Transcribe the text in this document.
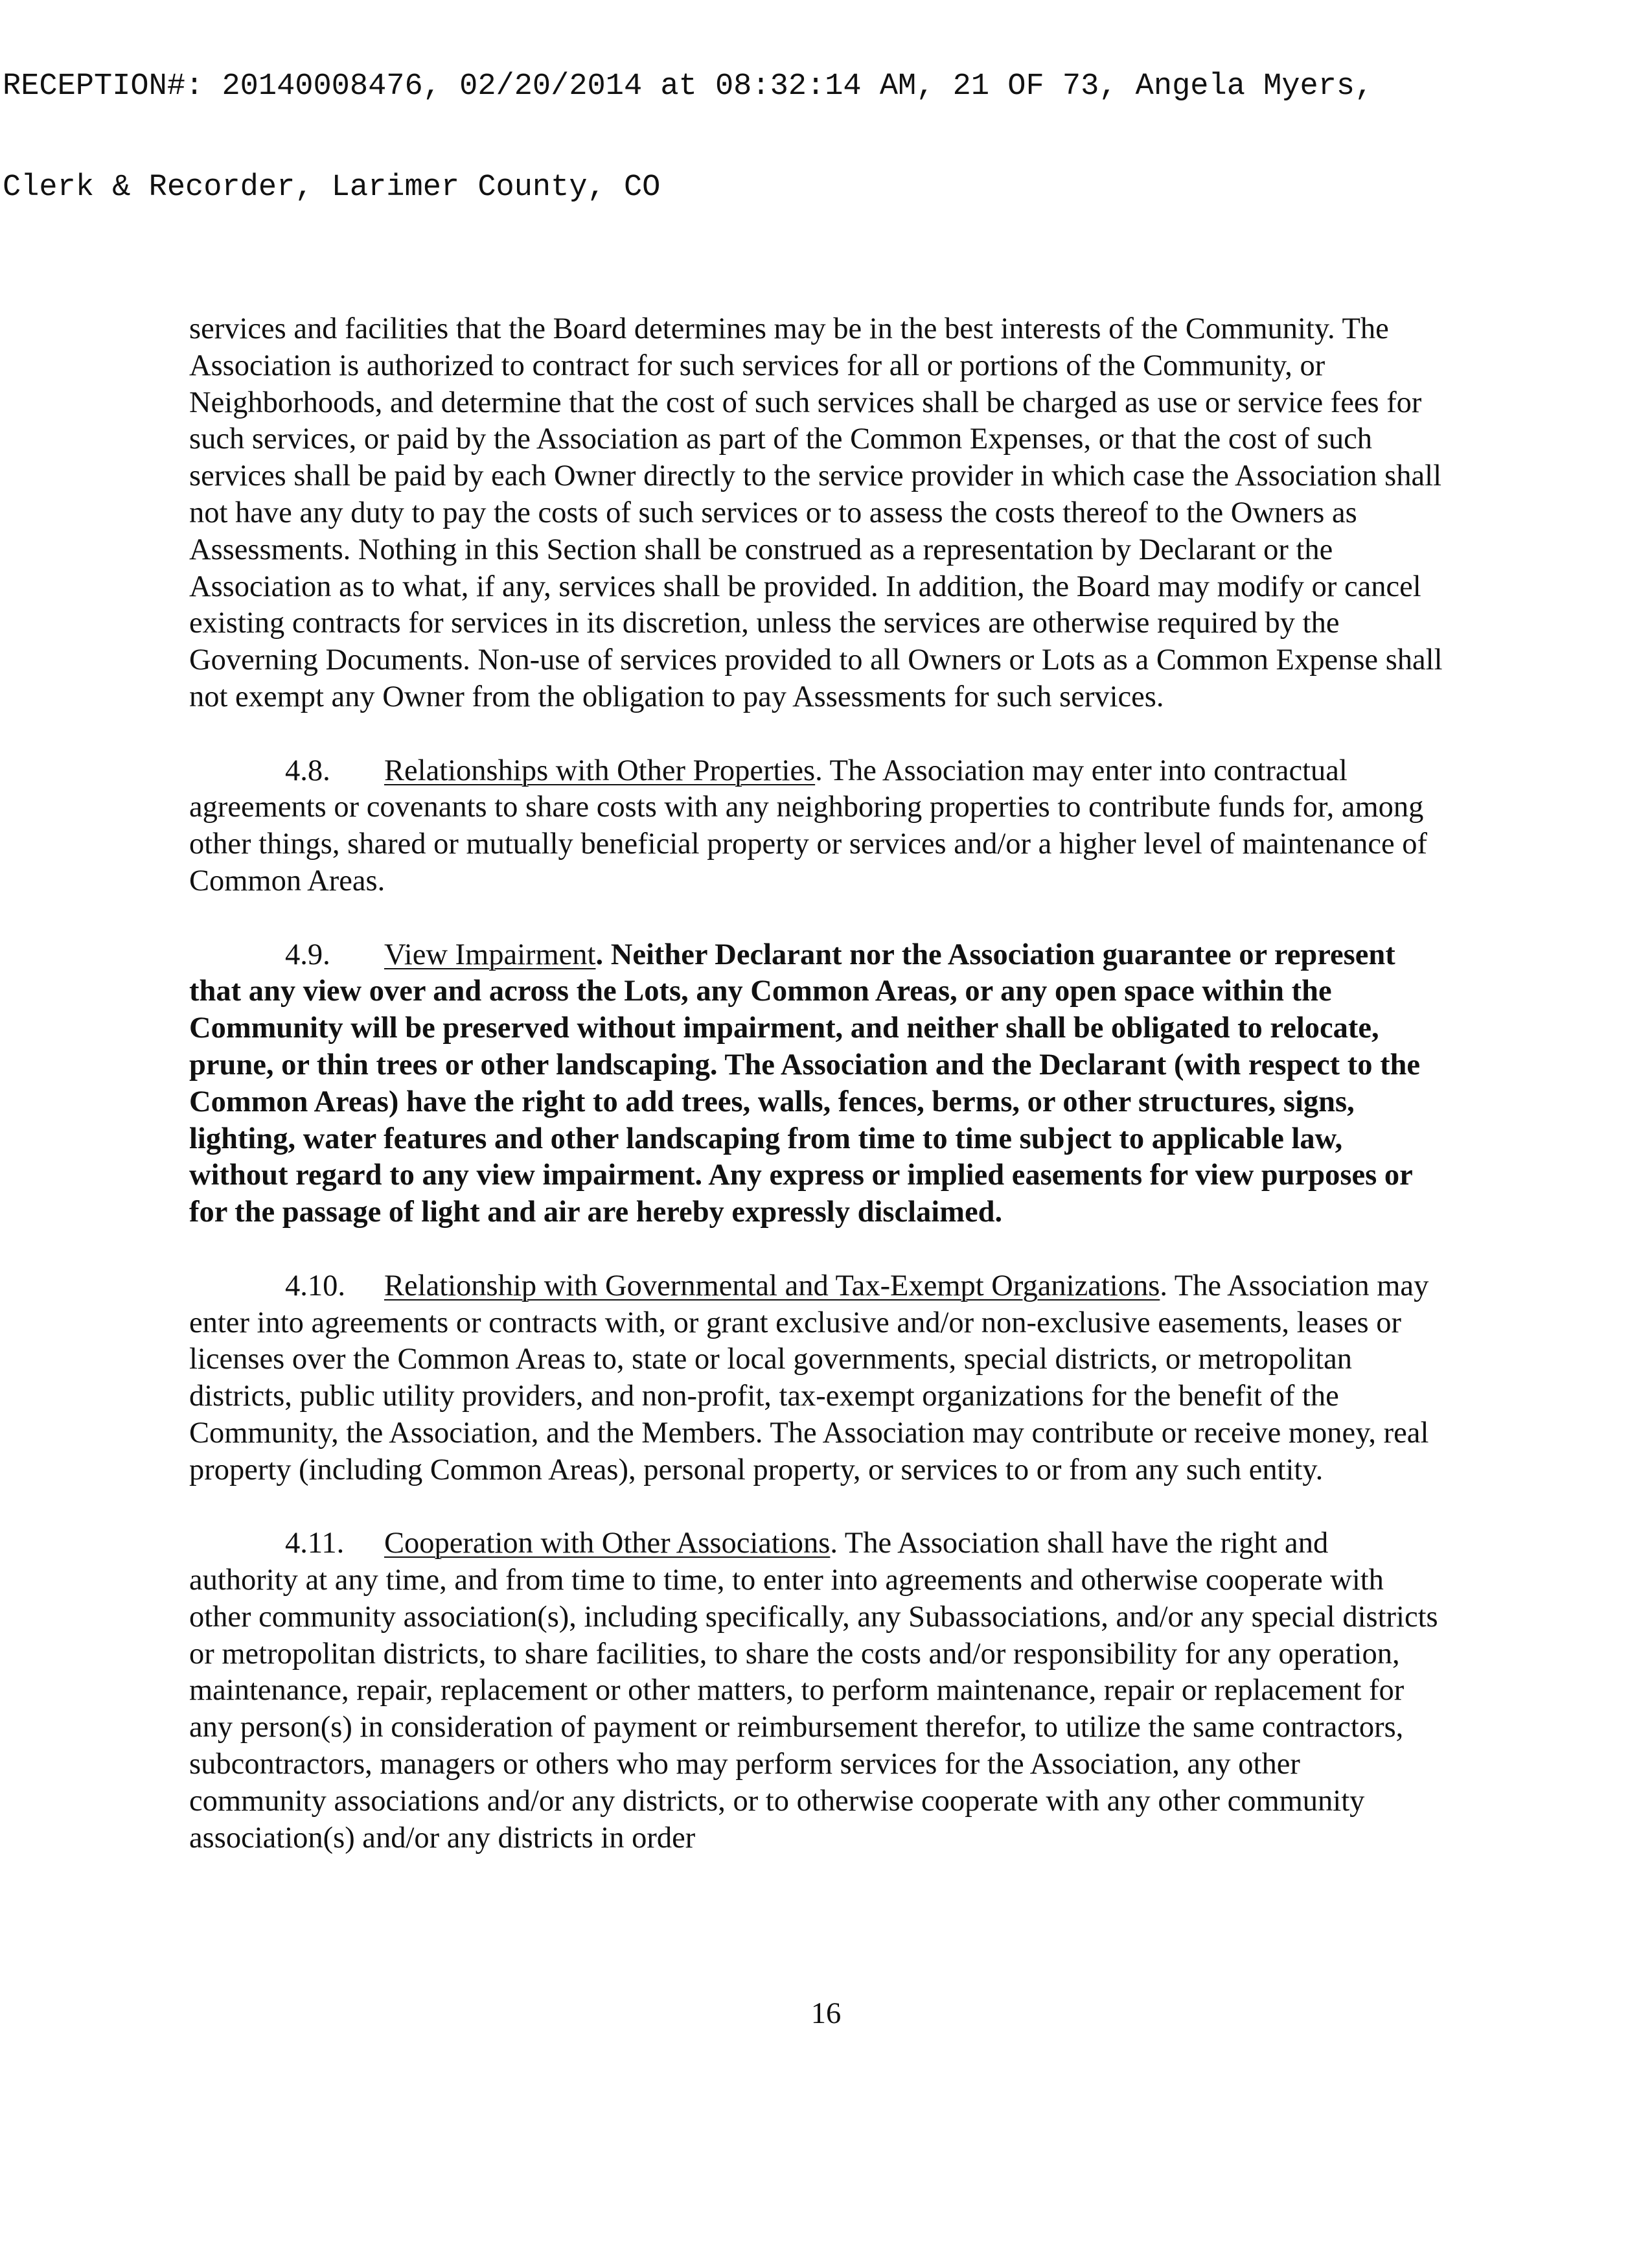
RECEPTION#: 20140008476, 02/20/2014 at 08:32:14 AM, 21 OF 73, Angela Myers,

Clerk & Recorder, Larimer County, CO

services and facilities that the Board determines may be in the best interests of the Community. The Association is authorized to contract for such services for all or portions of the Community, or Neighborhoods, and determine that the cost of such services shall be charged as use or service fees for such services, or paid by the Association as part of the Common Expenses, or that the cost of such services shall be paid by each Owner directly to the service provider in which case the Association shall not have any duty to pay the costs of such services or to assess the costs thereof to the Owners as Assessments. Nothing in this Section shall be construed as a representation by Declarant or the Association as to what, if any, services shall be provided. In addition, the Board may modify or cancel existing contracts for services in its discretion, unless the services are otherwise required by the Governing Documents. Non-use of services provided to all Owners or Lots as a Common Expense shall not exempt any Owner from the obligation to pay Assessments for such services.

4.8. Relationships with Other Properties. The Association may enter into contractual agreements or covenants to share costs with any neighboring properties to contribute funds for, among other things, shared or mutually beneficial property or services and/or a higher level of maintenance of Common Areas.

4.9. View Impairment. Neither Declarant nor the Association guarantee or represent that any view over and across the Lots, any Common Areas, or any open space within the Community will be preserved without impairment, and neither shall be obligated to relocate, prune, or thin trees or other landscaping. The Association and the Declarant (with respect to the Common Areas) have the right to add trees, walls, fences, berms, or other structures, signs, lighting, water features and other landscaping from time to time subject to applicable law, without regard to any view impairment. Any express or implied easements for view purposes or for the passage of light and air are hereby expressly disclaimed.

4.10. Relationship with Governmental and Tax-Exempt Organizations. The Association may enter into agreements or contracts with, or grant exclusive and/or non-exclusive easements, leases or licenses over the Common Areas to, state or local governments, special districts, or metropolitan districts, public utility providers, and non-profit, tax-exempt organizations for the benefit of the Community, the Association, and the Members. The Association may contribute or receive money, real property (including Common Areas), personal property, or services to or from any such entity.

4.11. Cooperation with Other Associations. The Association shall have the right and authority at any time, and from time to time, to enter into agreements and otherwise cooperate with other community association(s), including specifically, any Subassociations, and/or any special districts or metropolitan districts, to share facilities, to share the costs and/or responsibility for any operation, maintenance, repair, replacement or other matters, to perform maintenance, repair or replacement for any person(s) in consideration of payment or reimbursement therefor, to utilize the same contractors, subcontractors, managers or others who may perform services for the Association, any other community associations and/or any districts, or to otherwise cooperate with any other community association(s) and/or any districts in order

16
